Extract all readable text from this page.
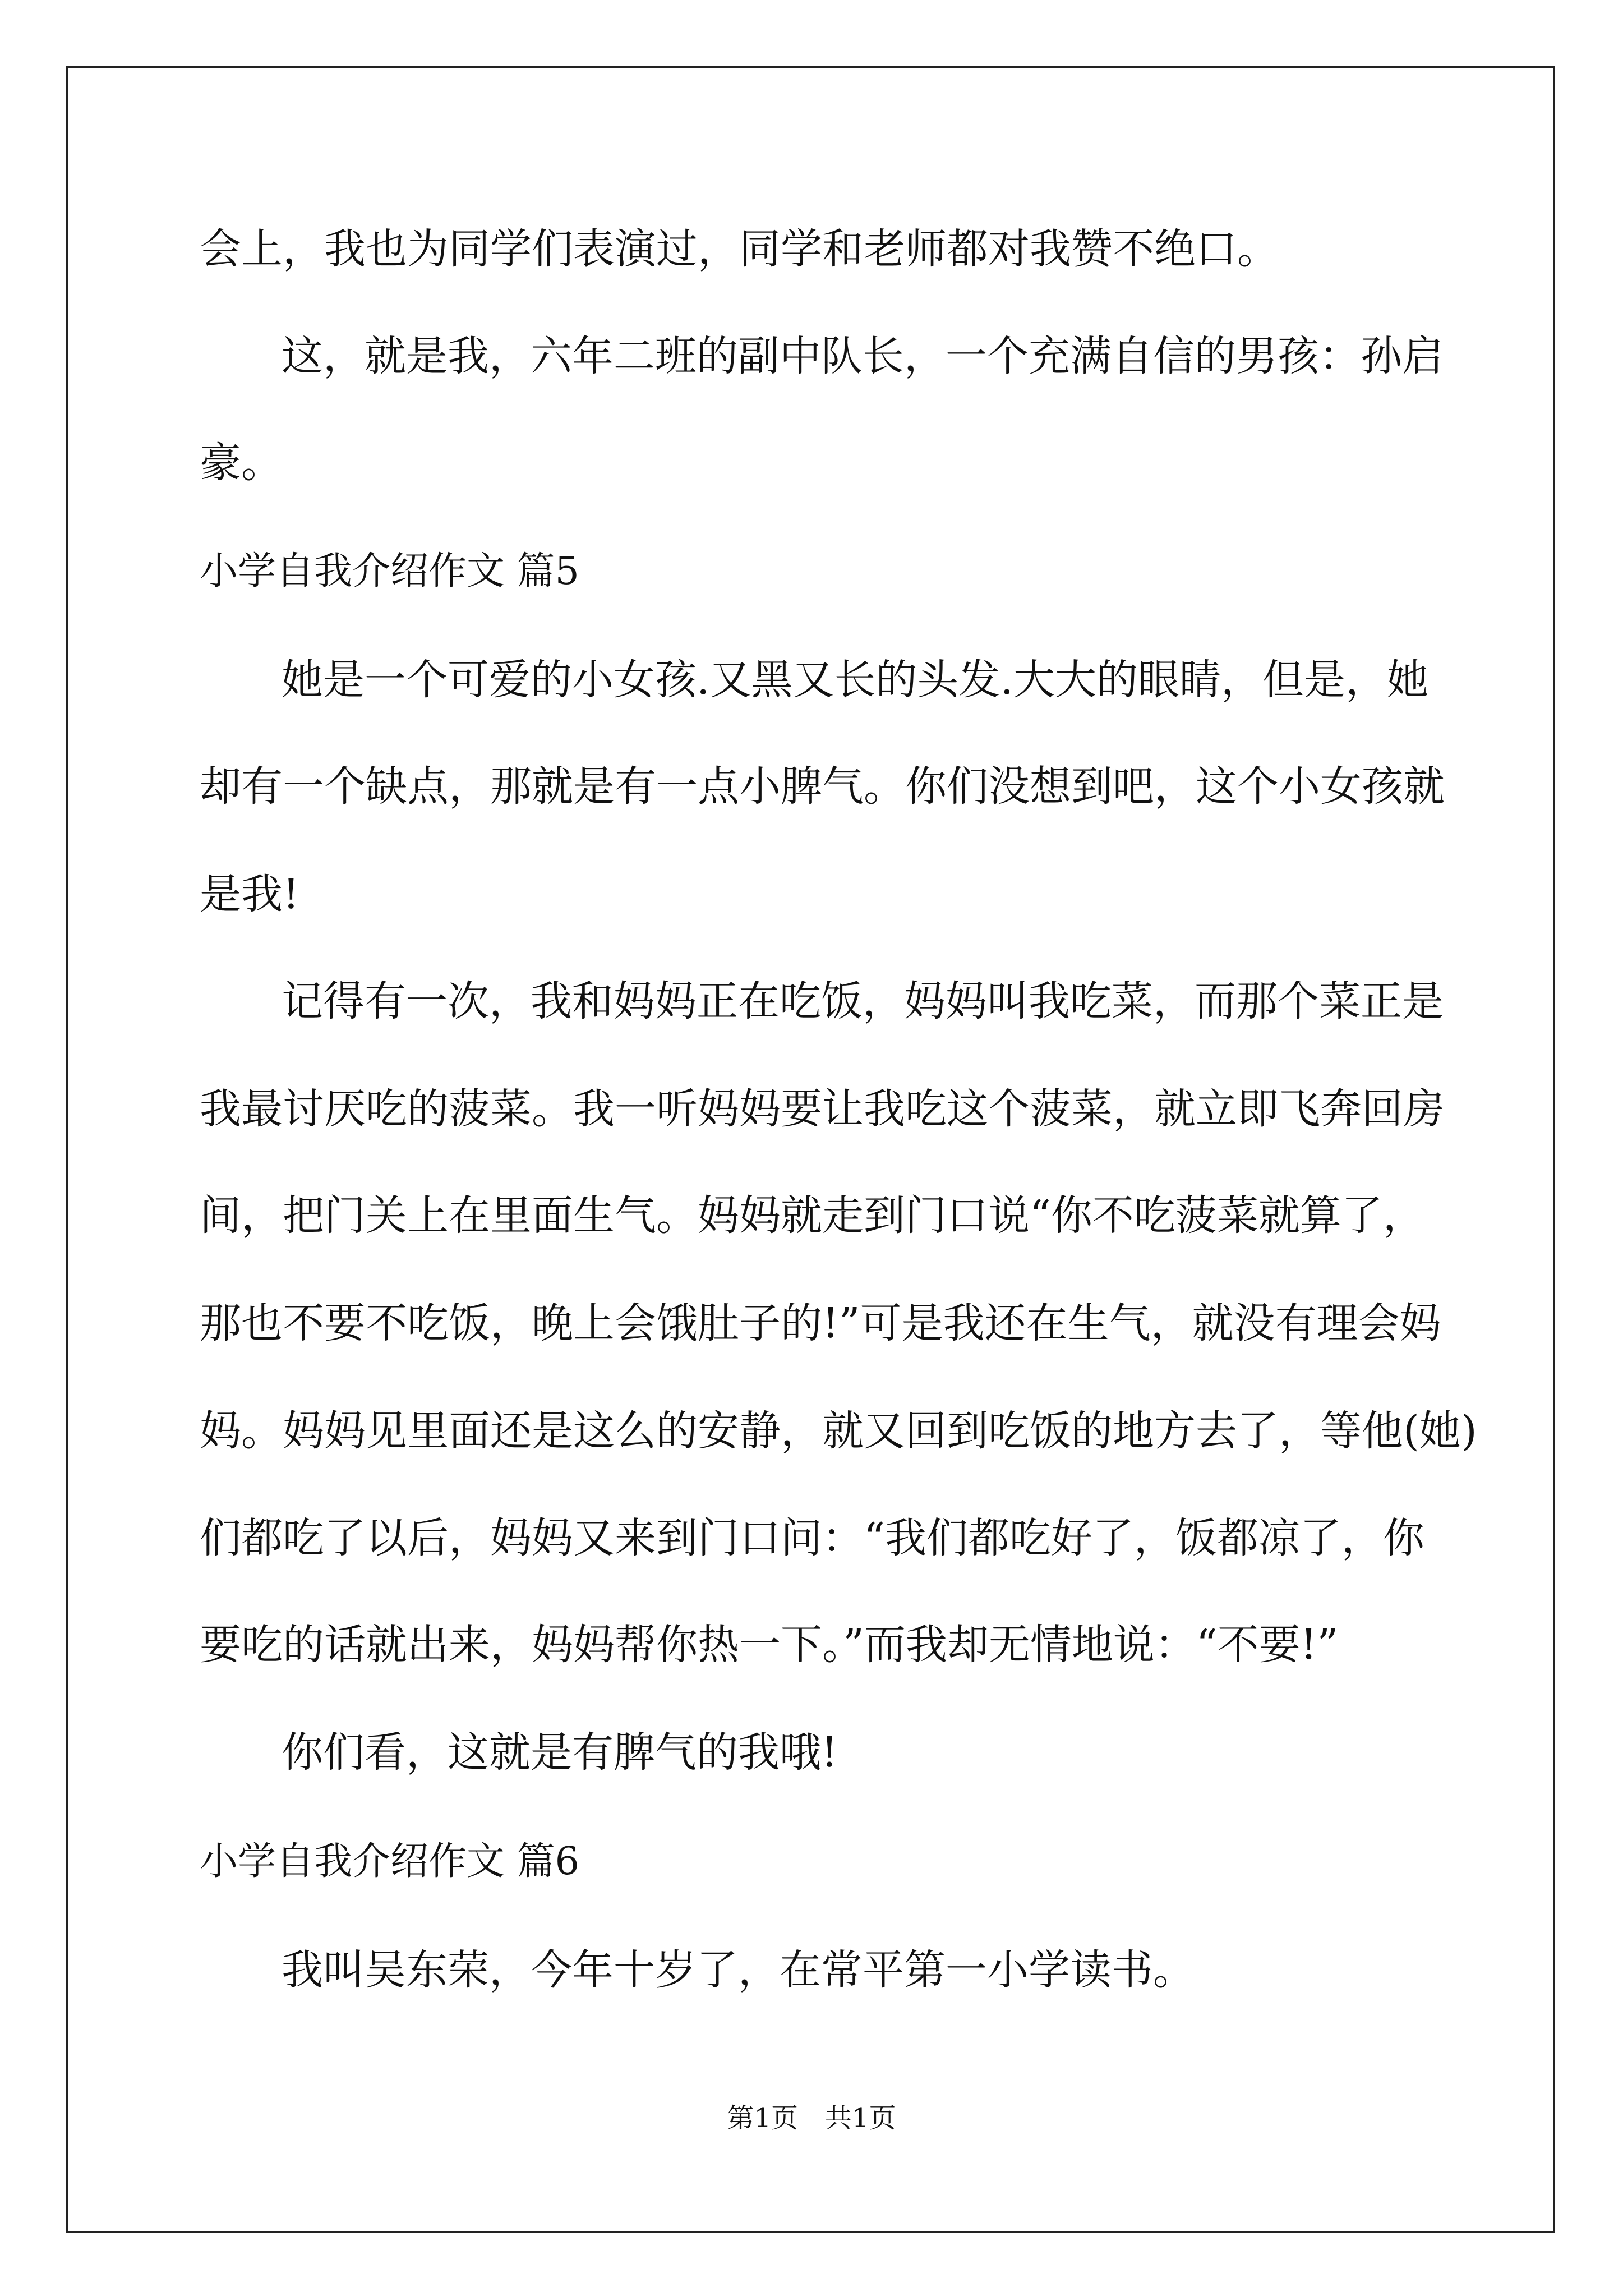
会上，我也为同学们表演过，同学和老师都对我赞不绝口。
这，就是我，六年二班的副中队长，一个充满自信的男孩：孙启
豪。
小学自我介绍作文 篇5
她是一个可爱的小女孩.又黑又长的头发.大大的眼睛，但是，她
却有一个缺点，那就是有一点小脾气。你们没想到吧，这个小女孩就
是我!
记得有一次，我和妈妈正在吃饭，妈妈叫我吃菜，而那个菜正是
我最讨厌吃的菠菜。我一听妈妈要让我吃这个菠菜，就立即飞奔回房
间，把门关上在里面生气。妈妈就走到门口说“你不吃菠菜就算了，
那也不要不吃饭，晚上会饿肚子的!”可是我还在生气，就没有理会妈
妈。妈妈见里面还是这么的安静，就又回到吃饭的地方去了，等他(她)
们都吃了以后，妈妈又来到门口问：“我们都吃好了，饭都凉了，你
要吃的话就出来，妈妈帮你热一下。”而我却无情地说：“不要!”
你们看，这就是有脾气的我哦!
小学自我介绍作文 篇6
我叫吴东荣，今年十岁了，在常平第一小学读书。
第1页　共1页
